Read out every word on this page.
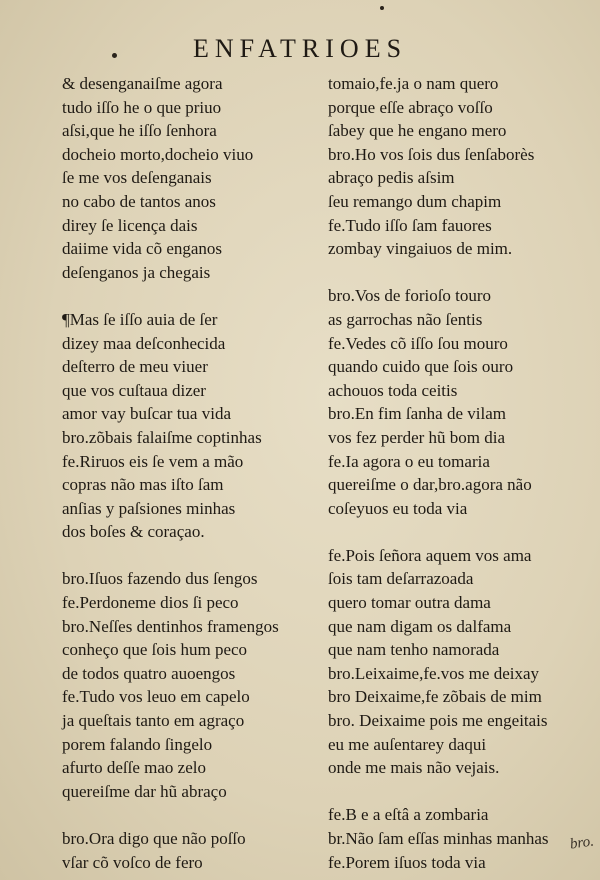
ENFATRIOES
& desenganaiſme agora
tudo iſſo he o que priuo
aſsi,que he iſſo ſenhora
docheio morto,docheio viuo
ſe me vos deſenganais
no cabo de tantos anos
direy ſe licença dais
daiime vida cõ enganos
deſenganos ja chegais
¶Mas ſe iſſo auia de ſer
dizey maa deſconhecida
deſterro de meu viuer
que vos cuſtaua dizer
amor vay buſcar tua vida
bro.zõbais falaiſme coptinhas
fe.Riruos eis ſe vem a mão
copras não mas iſto ſam
anſias y paſsiones minhas
dos boſes & coraçao.
bro.Iſuos fazendo dus ſengos
fe.Perdoneme dios ſi peco
bro.Neſſes dentinhos framengos
conheço que ſois hum peco
de todos quatro auoengos
fe.Tudo vos leuo em capelo
ja queſtais tanto em agraço
porem falando ſingelo
afurto deſſe mao zelo
quereiſme dar hũ abraço
bro.Ora digo que não poſſo
vſar cõ voſco de fero
tomaio,fe.ja o nam quero
porque eſſe abraço voſſo
ſabey que he engano mero
bro.Ho vos ſois dus ſenſaborès
abraço pedis aſsim
ſeu remango dum chapim
fe.Tudo iſſo ſam fauores
zombay vingaiuos de mim.
bro.Vos de forioſo touro
as garrochas não ſentis
fe.Vedes cõ iſſo ſou mouro
quando cuido que ſois ouro
achouos toda ceitis
bro.En fim ſanha de vilam
vos fez perder hũ bom dia
fe.Ia agora o eu tomaria
quereiſme o dar,bro.agora não
coſeyuos eu toda via
fe.Pois ſeñora aquem vos ama
ſois tam deſarrazoada
quero tomar outra dama
que nam digam os dalfama
que nam tenho namorada
bro.Leixaime,fe.vos me deixay
bro Deixaime,fe zõbais de mim
bro. Deixaime pois me engeitais
eu me auſentarey daqui
onde me mais não vejais.
fe.B e a eſtâ a zombaria
br.Não ſam eſſas minhas manhas
fe.Porem iſuos toda via
bro.
